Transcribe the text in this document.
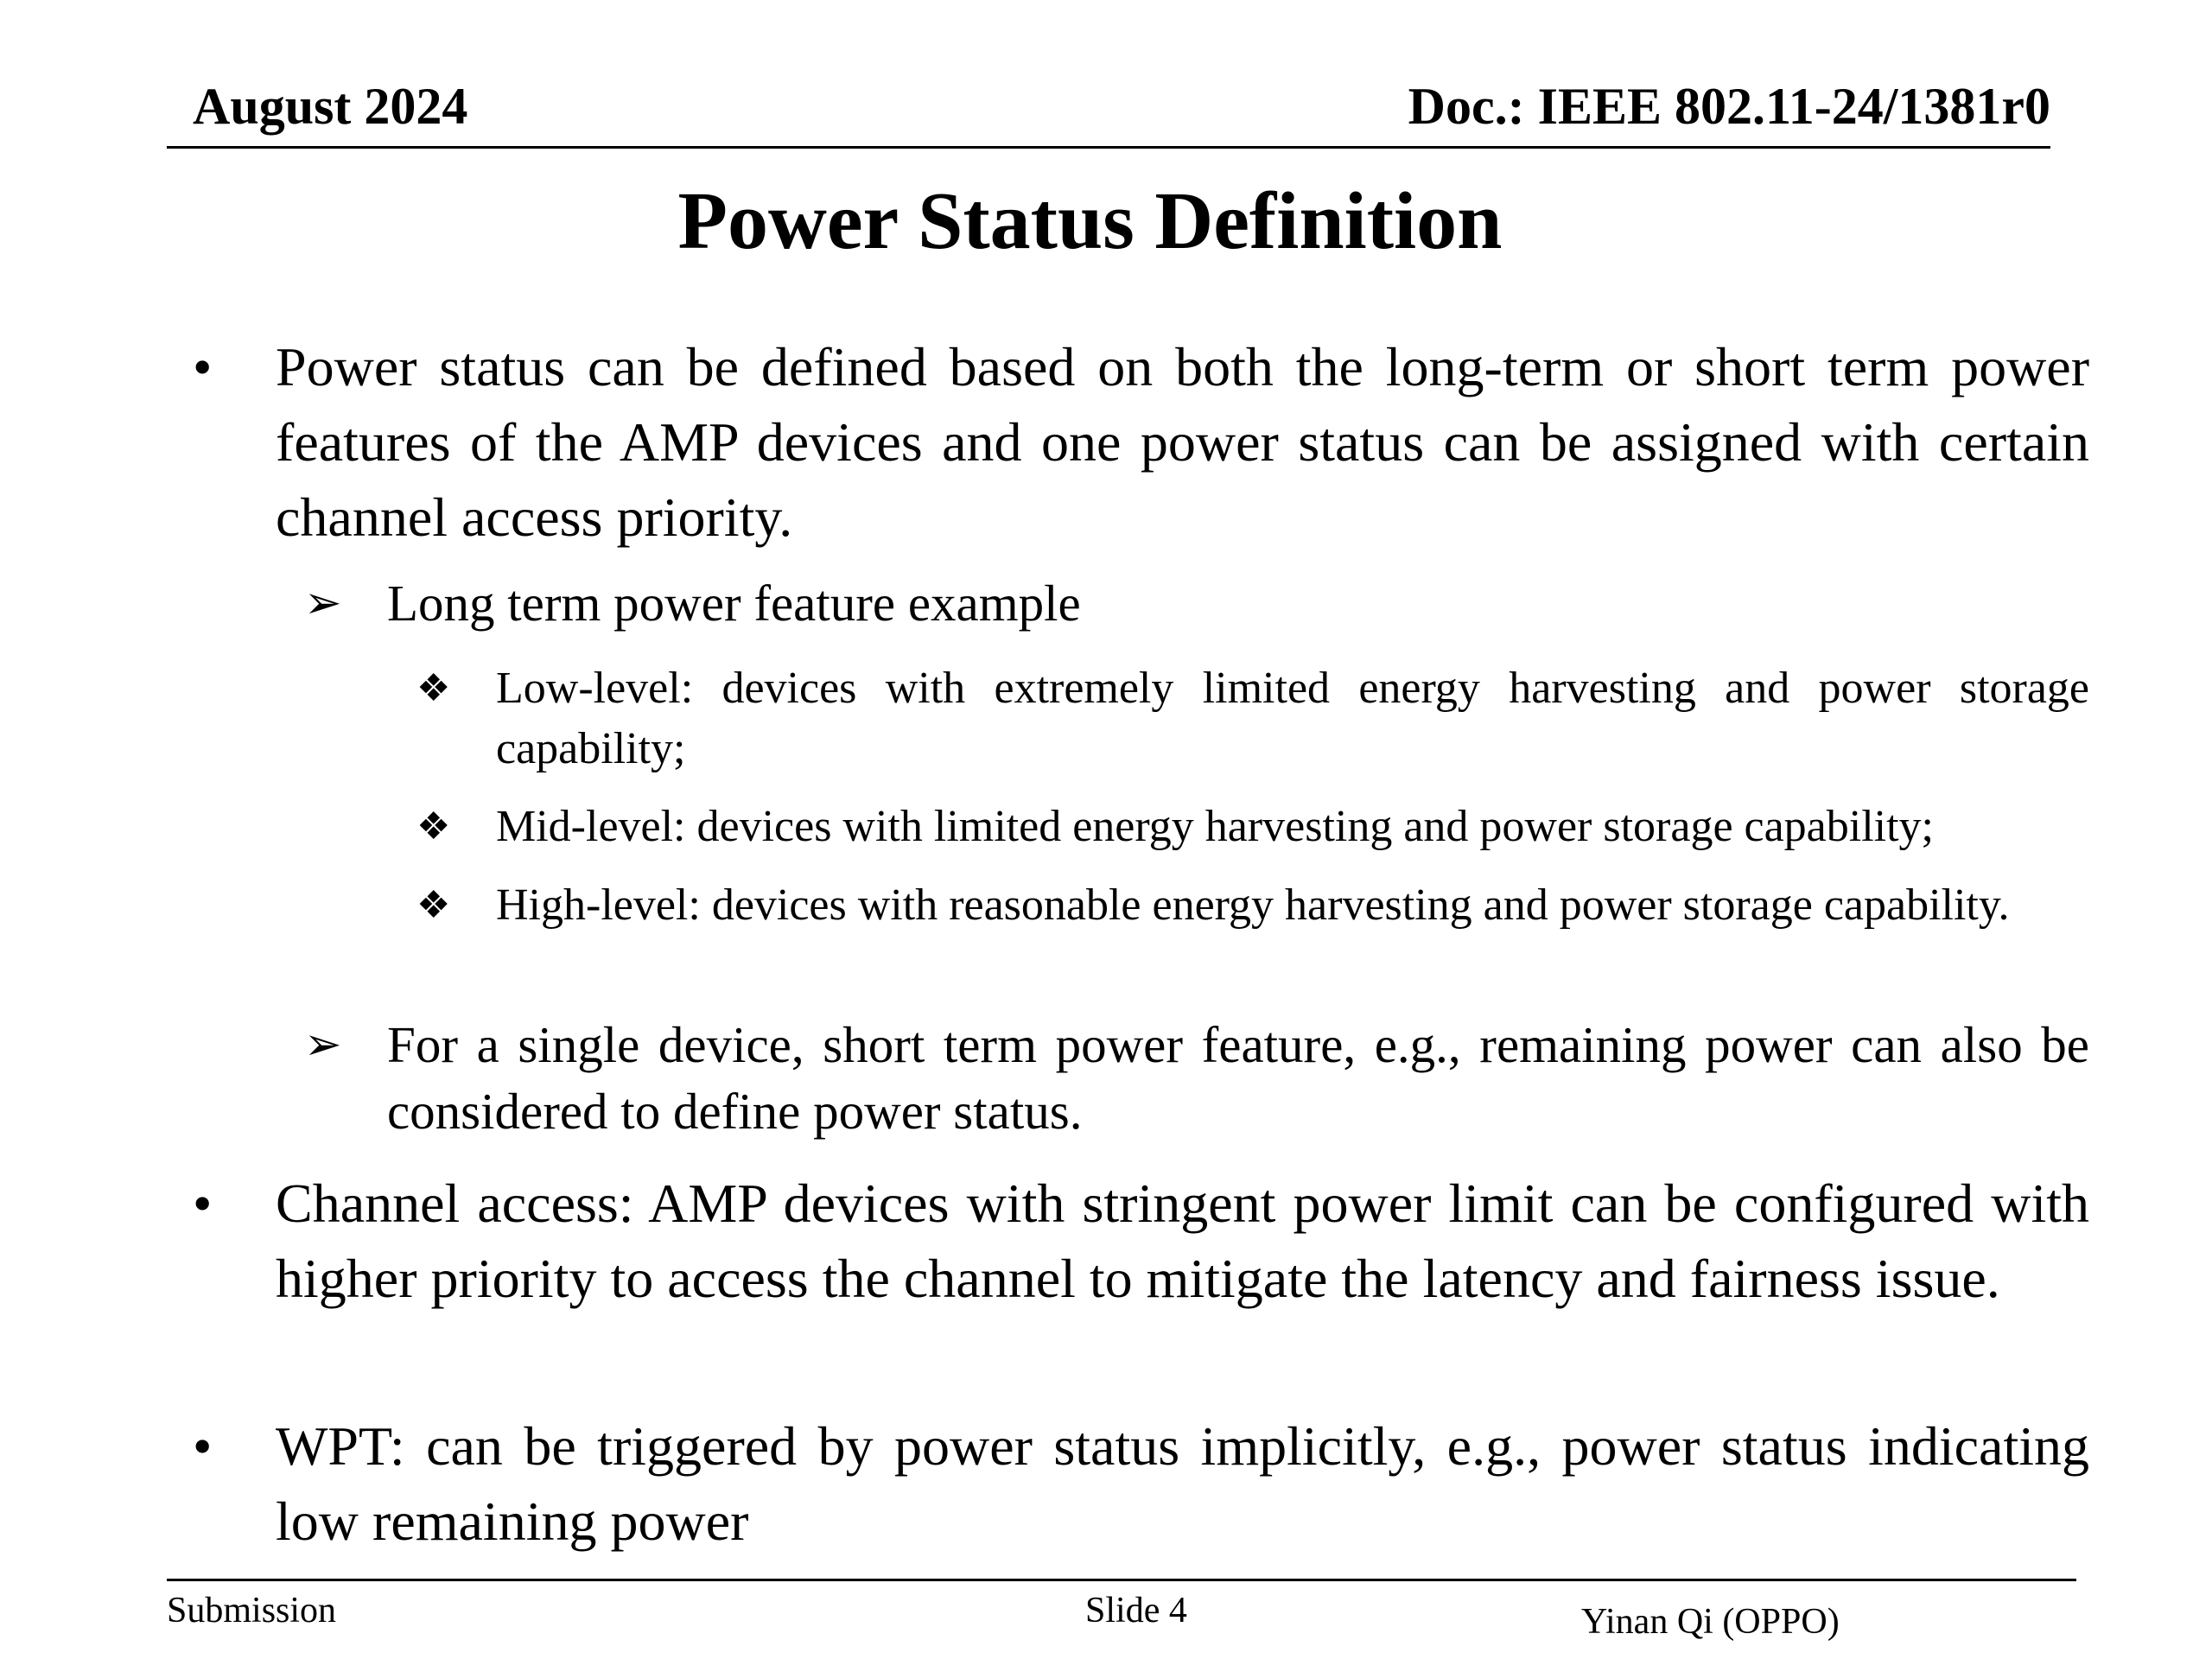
August 2024	Doc.: IEEE 802.11-24/1381r0
Power Status Definition
• Power status can be defined based on both the long-term or short term power features of the AMP devices and one power status can be assigned with certain channel access priority.
➢ Long term power feature example
❖ Low-level: devices with extremely limited energy harvesting and power storage capability;
❖ Mid-level: devices with limited energy harvesting and power storage capability;
❖ High-level: devices with reasonable energy harvesting and power storage capability.
➢ For a single device, short term power feature, e.g., remaining power can also be considered to define power status.
• Channel access: AMP devices with stringent power limit can be configured with higher priority to access the channel to mitigate the latency and fairness issue.
• WPT: can be triggered by power status implicitly, e.g., power status indicating low remaining power
Submission	Slide 4	Yinan Qi (OPPO)
